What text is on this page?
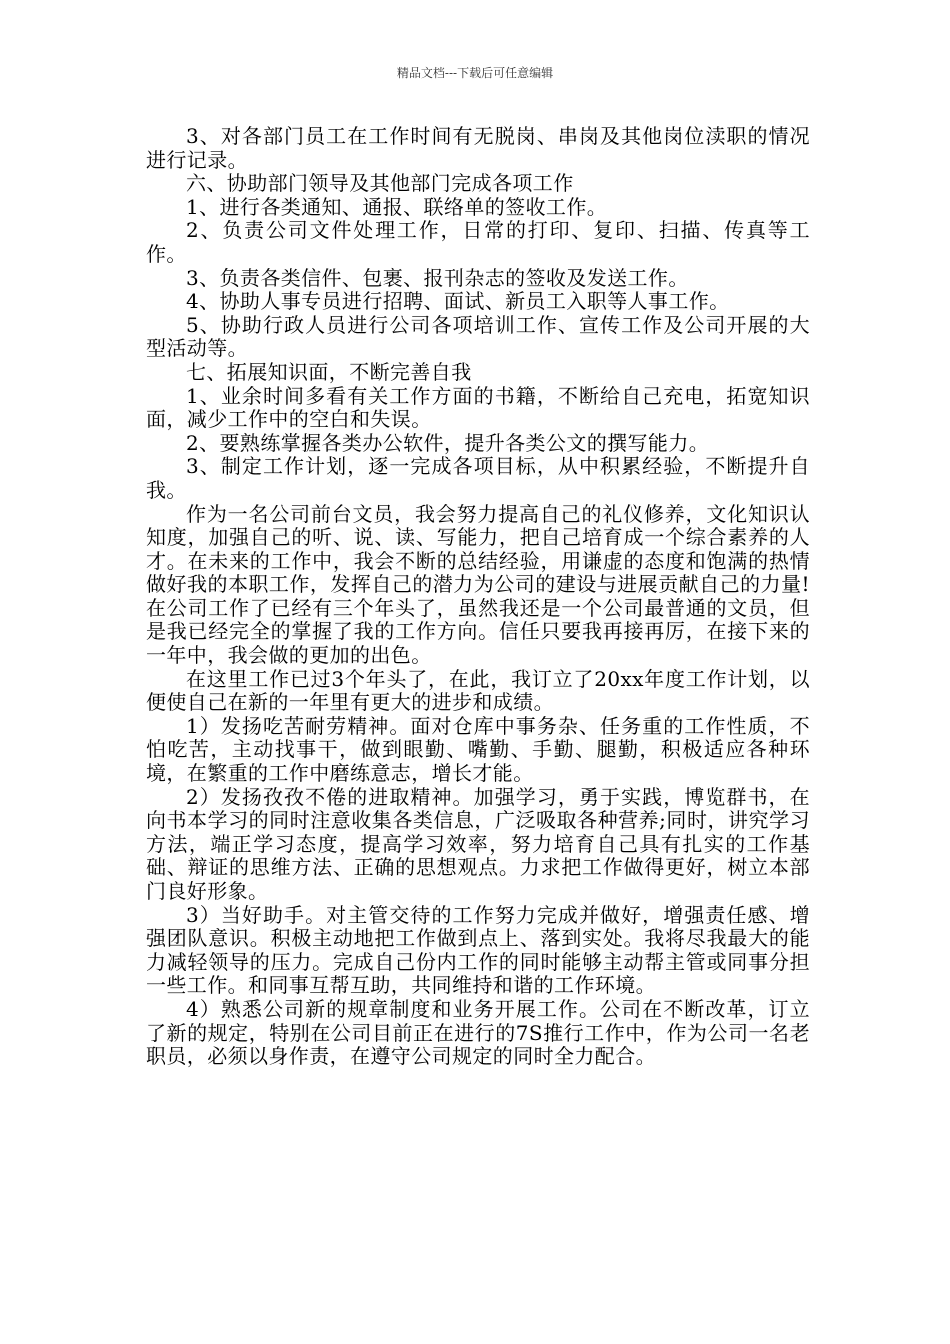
精品文档---下载后可任意编辑

3、对各部门员工在工作时间有无脱岗、串岗及其他岗位渎职的情况进行记录。

六、协助部门领导及其他部门完成各项工作

1、进行各类通知、通报、联络单的签收工作。

2、负责公司文件处理工作，日常的打印、复印、扫描、传真等工作。

3、负责各类信件、包裹、报刊杂志的签收及发送工作。

4、协助人事专员进行招聘、面试、新员工入职等人事工作。

5、协助行政人员进行公司各项培训工作、宣传工作及公司开展的大型活动等。

七、拓展知识面，不断完善自我

1、业余时间多看有关工作方面的书籍，不断给自己充电，拓宽知识面，减少工作中的空白和失误。

2、要熟练掌握各类办公软件，提升各类公文的撰写能力。

3、制定工作计划，逐一完成各项目标，从中积累经验，不断提升自我。

作为一名公司前台文员，我会努力提高自己的礼仪修养，文化知识认知度，加强自己的听、说、读、写能力，把自己培育成一个综合素养的人才。在未来的工作中，我会不断的总结经验，用谦虚的态度和饱满的热情做好我的本职工作，发挥自己的潜力为公司的建设与进展贡献自己的力量! 在公司工作了已经有三个年头了，虽然我还是一个公司最普通的文员，但是我已经完全的掌握了我的工作方向。信任只要我再接再厉，在接下来的一年中，我会做的更加的出色。

在这里工作已过3个年头了，在此，我订立了20xx年度工作计划，以便使自己在新的一年里有更大的进步和成绩。

1）发扬吃苦耐劳精神。面对仓库中事务杂、任务重的工作性质，不怕吃苦，主动找事干，做到眼勤、嘴勤、手勤、腿勤，积极适应各种环境，在繁重的工作中磨练意志，增长才能。

2）发扬孜孜不倦的进取精神。加强学习，勇于实践，博览群书，在向书本学习的同时注意收集各类信息，广泛吸取各种营养;同时，讲究学习方法，端正学习态度，提高学习效率，努力培育自己具有扎实的工作基础、辩证的思维方法、正确的思想观点。力求把工作做得更好，树立本部门良好形象。

3）当好助手。对主管交待的工作努力完成并做好，增强责任感、增强团队意识。积极主动地把工作做到点上、落到实处。我将尽我最大的能力减轻领导的压力。完成自己份内工作的同时能够主动帮主管或同事分担一些工作。和同事互帮互助，共同维持和谐的工作环境。

4）熟悉公司新的规章制度和业务开展工作。公司在不断改革，订立了新的规定，特别在公司目前正在进行的7S推行工作中，作为公司一名老职员，必须以身作责，在遵守公司规定的同时全力配合。
